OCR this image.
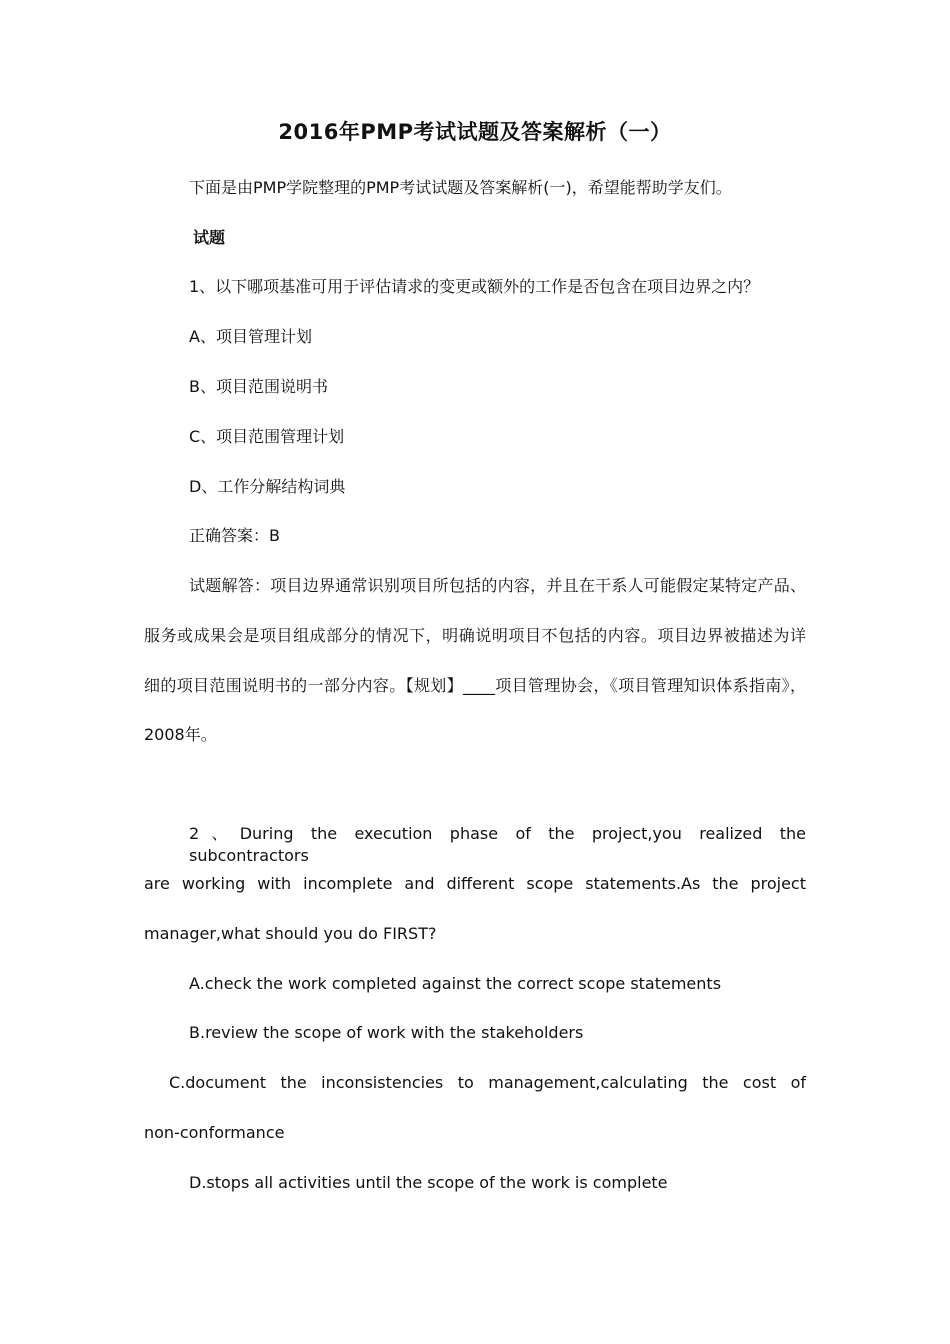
2016年PMP考试试题及答案解析（一）
下面是由PMP学院整理的PMP考试试题及答案解析(一)，希望能帮助学友们。
试题
1、以下哪项基准可用于评估请求的变更或额外的工作是否包含在项目边界之内？
A、项目管理计划
B、项目范围说明书
C、项目范围管理计划
D、工作分解结构词典
正确答案：B
试题解答：项目边界通常识别项目所包括的内容，并且在干系人可能假定某特定产品、
服务或成果会是项目组成部分的情况下，明确说明项目不包括的内容。项目边界被描述为详
细的项目范围说明书的一部分内容。【规划】____项目管理协会，《项目管理知识体系指南》，
2008年。
2、During the execution phase of the project,you realized the subcontractors
are working with incomplete and different scope statements.As the project
manager,what should you do FIRST?
A.check the work completed against the correct scope statements
B.review the scope of work with the stakeholders
C.document the inconsistencies to management,calculating the cost of
non-conformance
D.stops all activities until the scope of the work is complete
